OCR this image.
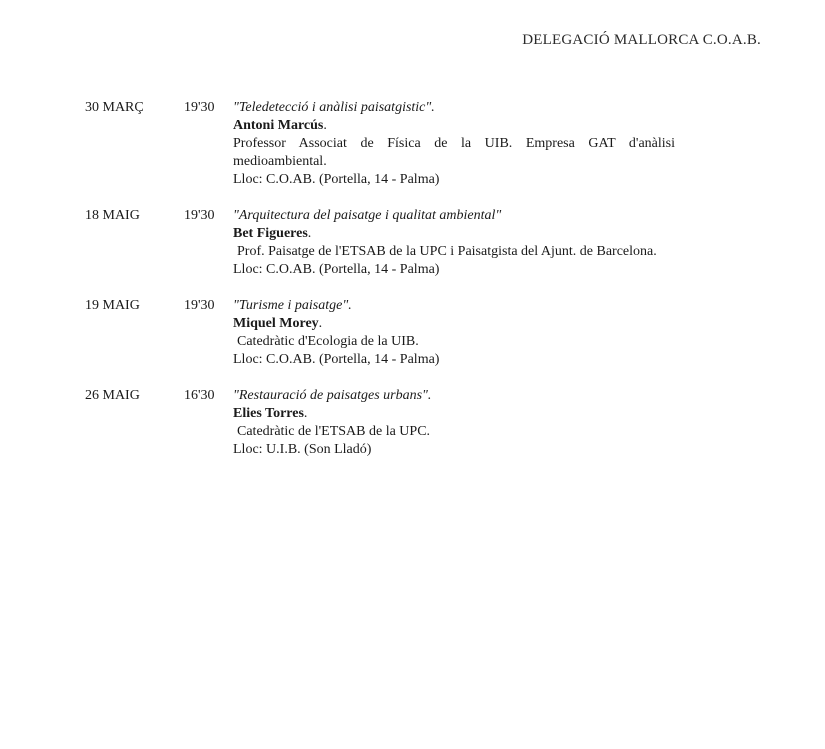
DELEGACIÓ MALLORCA C.O.A.B.
30 MARÇ	19'30 "Teledetecció i anàlisi paisatgistic".
Antoni Marcús.
Professor Associat de Física de la UIB. Empresa GAT d'anàlisi medioambiental.
Lloc: C.O.AB. (Portella, 14 - Palma)
18 MAIG	19'30 "Arquitectura del paisatge i qualitat ambiental"
Bet Figueres.
Prof. Paisatge de l'ETSAB de la UPC i Paisatgista del Ajunt. de Barcelona.
Lloc: C.O.AB. (Portella, 14 - Palma)
19 MAIG	19'30 "Turisme i paisatge".
Miquel Morey.
Catedràtic d'Ecologia de la UIB.
Lloc: C.O.AB. (Portella, 14 - Palma)
26 MAIG	16'30 "Restauració de paisatges urbans".
Elies Torres.
Catedràtic de l'ETSAB de la UPC.
Lloc: U.I.B. (Son Lladó)
